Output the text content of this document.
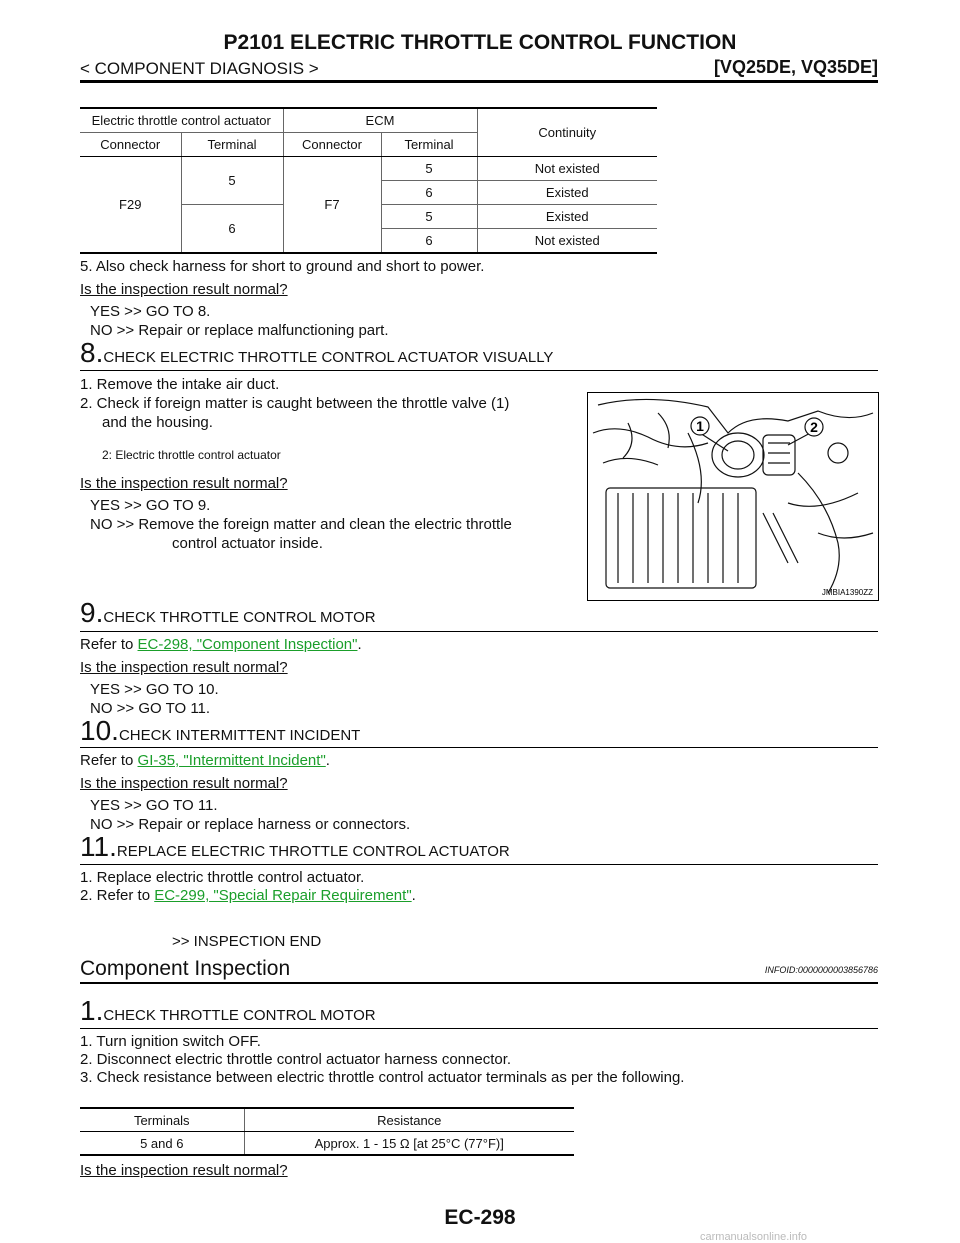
P2101 ELECTRIC THROTTLE CONTROL FUNCTION
< COMPONENT DIAGNOSIS >	[VQ25DE, VQ35DE]
Electric throttle control actuator		ECM		Continuity
Connector	Terminal	Connector	Terminal	
F29	5	F7	5	Not existed
			6	Existed
	6		5	Existed
			6	Not existed
5. Also check harness for short to ground and short to power.
Is the inspection result normal?
YES >> GO TO 8.
NO >> Repair or replace malfunctioning part.
8. CHECK ELECTRIC THROTTLE CONTROL ACTUATOR VISUALLY
1. Remove the intake air duct.
2. Check if foreign matter is caught between the throttle valve (1)
and the housing.
2: Electric throttle control actuator
Is the inspection result normal?
YES >> GO TO 9.
NO >> Remove the foreign matter and clean the electric throttle
control actuator inside.
1	2
JMBIA1390ZZ
9. CHECK THROTTLE CONTROL MOTOR
Refer to EC-298, "Component Inspection".
Is the inspection result normal?
YES >> GO TO 10.
NO >> GO TO 11.
10. CHECK INTERMITTENT INCIDENT
Refer to GI-35, "Intermittent Incident".
Is the inspection result normal?
YES >> GO TO 11.
NO >> Repair or replace harness or connectors.
11. REPLACE ELECTRIC THROTTLE CONTROL ACTUATOR
1. Replace electric throttle control actuator.
2. Refer to EC-299, "Special Repair Requirement".
>> INSPECTION END
Component Inspection	INFOID:0000000003856786
1. CHECK THROTTLE CONTROL MOTOR
1. Turn ignition switch OFF.
2. Disconnect electric throttle control actuator harness connector.
3. Check resistance between electric throttle control actuator terminals as per the following.
Terminals	Resistance
5 and 6	Approx. 1 - 15 Ω [at 25°C (77°F)]
Is the inspection result normal?
EC-298
carmanualsonline.info
